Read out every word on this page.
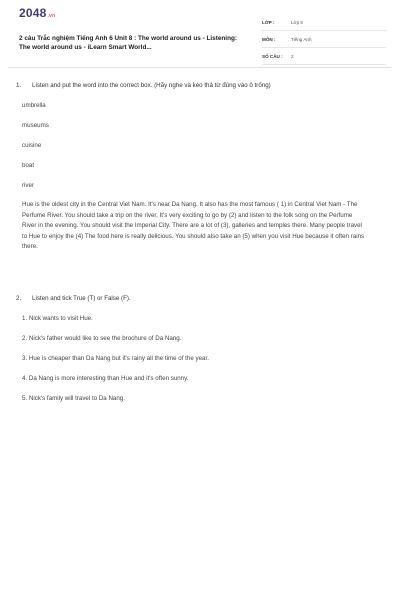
2048.vn
2 câu Trắc nghiệm Tiếng Anh 6 Unit 8 : The world around us - Listening: The world around us - iLearn Smart World...
LỚP :	Lớp 6
MÔN :	Tiếng Anh
SỐ CÂU :	2
1.	Listen and put the word into the correct box. (Hãy nghe và kéo thả từ đúng vào ô trống)
umbrella
museums
cuisine
boat
river
Hue is the oldest city in the Central Viet Nam. It's near Da Nang. It also has the most famous ( 1) in Central Viet Nam - The Perfume River. You should take a trip on the river, It's very exciting to go by (2) and listen to the folk song on the Perfume River in the evening. You should visit the Imperial City. There are a lot of (3), galleries and temples there. Many people travel to Hue to enjoy the (4) The food here is really delicious. You should also take an (5) when you visit Hue because it often rains there.
2.	Listen and tick True (T) or False (F).
1. Nick wants to visit Hue.
2. Nick's father would like to see the brochure of Da Nang.
3. Hue is cheaper than Da Nang but it's rainy all the time of the year.
4. Da Nang is more interesting than Hue and it's often sunny.
5. Nick's family will travel to Da Nang.
